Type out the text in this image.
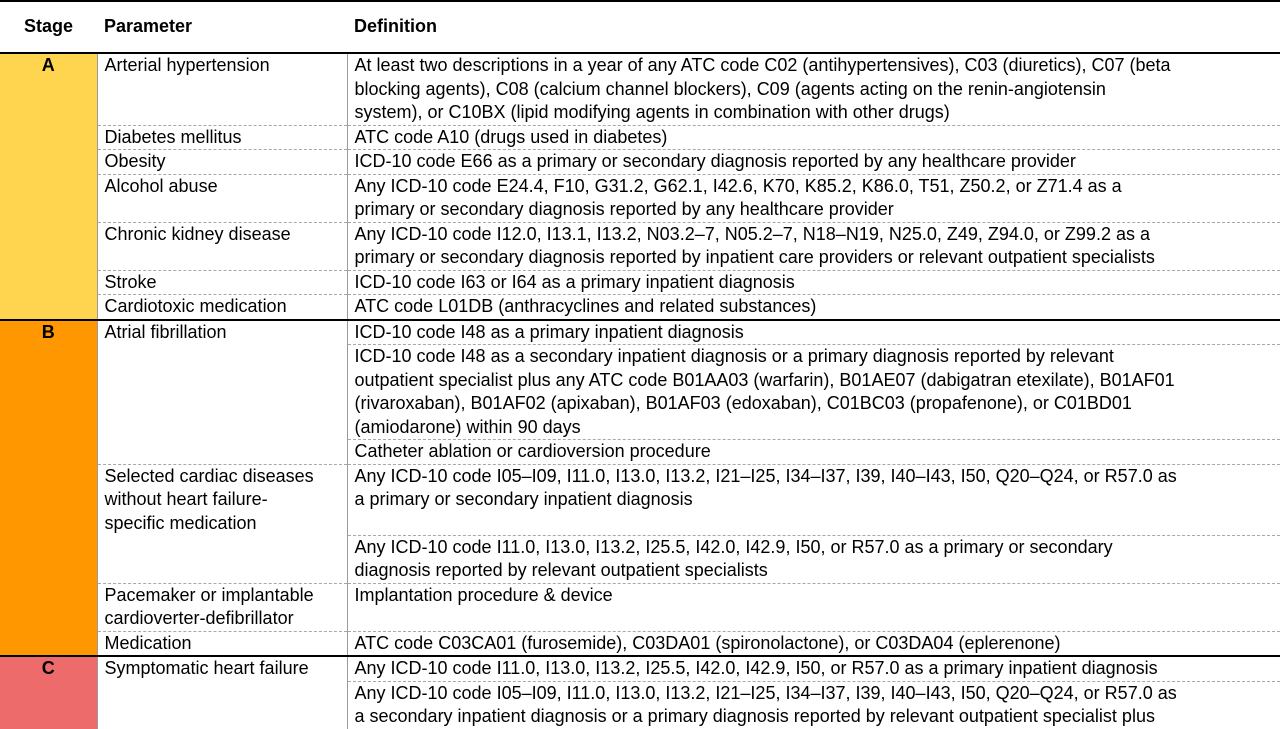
Stage	Parameter	Definition
A	Arterial hypertension	At least two descriptions in a year of any ATC code C02 (antihypertensives), C03 (diuretics), C07 (beta
blocking agents), C08 (calcium channel blockers), C09 (agents acting on the renin-angiotensin
system), or C10BX (lipid modifying agents in combination with other drugs)
	Diabetes mellitus	ATC code A10 (drugs used in diabetes)
	Obesity	ICD-10 code E66 as a primary or secondary diagnosis reported by any healthcare provider
	Alcohol abuse	Any ICD-10 code E24.4, F10, G31.2, G62.1, I42.6, K70, K85.2, K86.0, T51, Z50.2, or Z71.4 as a
primary or secondary diagnosis reported by any healthcare provider
	Chronic kidney disease	Any ICD-10 code I12.0, I13.1, I13.2, N03.2–7, N05.2–7, N18–N19, N25.0, Z49, Z94.0, or Z99.2 as a
primary or secondary diagnosis reported by inpatient care providers or relevant outpatient specialists
	Stroke	ICD-10 code I63 or I64 as a primary inpatient diagnosis
	Cardiotoxic medication	ATC code L01DB (anthracyclines and related substances)
B	Atrial fibrillation	ICD-10 code I48 as a primary inpatient diagnosis
		ICD-10 code I48 as a secondary inpatient diagnosis or a primary diagnosis reported by relevant
outpatient specialist plus any ATC code B01AA03 (warfarin), B01AE07 (dabigatran etexilate), B01AF01
(rivaroxaban), B01AF02 (apixaban), B01AF03 (edoxaban), C01BC03 (propafenone), or C01BD01
(amiodarone) within 90 days
		Catheter ablation or cardioversion procedure
	Selected cardiac diseases
without heart failure-
specific medication	Any ICD-10 code I05–I09, I11.0, I13.0, I13.2, I21–I25, I34–I37, I39, I40–I43, I50, Q20–Q24, or R57.0 as
a primary or secondary inpatient diagnosis
		Any ICD-10 code I11.0, I13.0, I13.2, I25.5, I42.0, I42.9, I50, or R57.0 as a primary or secondary
diagnosis reported by relevant outpatient specialists
	Pacemaker or implantable
cardioverter-defibrillator	Implantation procedure & device
	Medication	ATC code C03CA01 (furosemide), C03DA01 (spironolactone), or C03DA04 (eplerenone)
C	Symptomatic heart failure	Any ICD-10 code I11.0, I13.0, I13.2, I25.5, I42.0, I42.9, I50, or R57.0 as a primary inpatient diagnosis
		Any ICD-10 code I05–I09, I11.0, I13.0, I13.2, I21–I25, I34–I37, I39, I40–I43, I50, Q20–Q24, or R57.0 as
a secondary inpatient diagnosis or a primary diagnosis reported by relevant outpatient specialist plus
